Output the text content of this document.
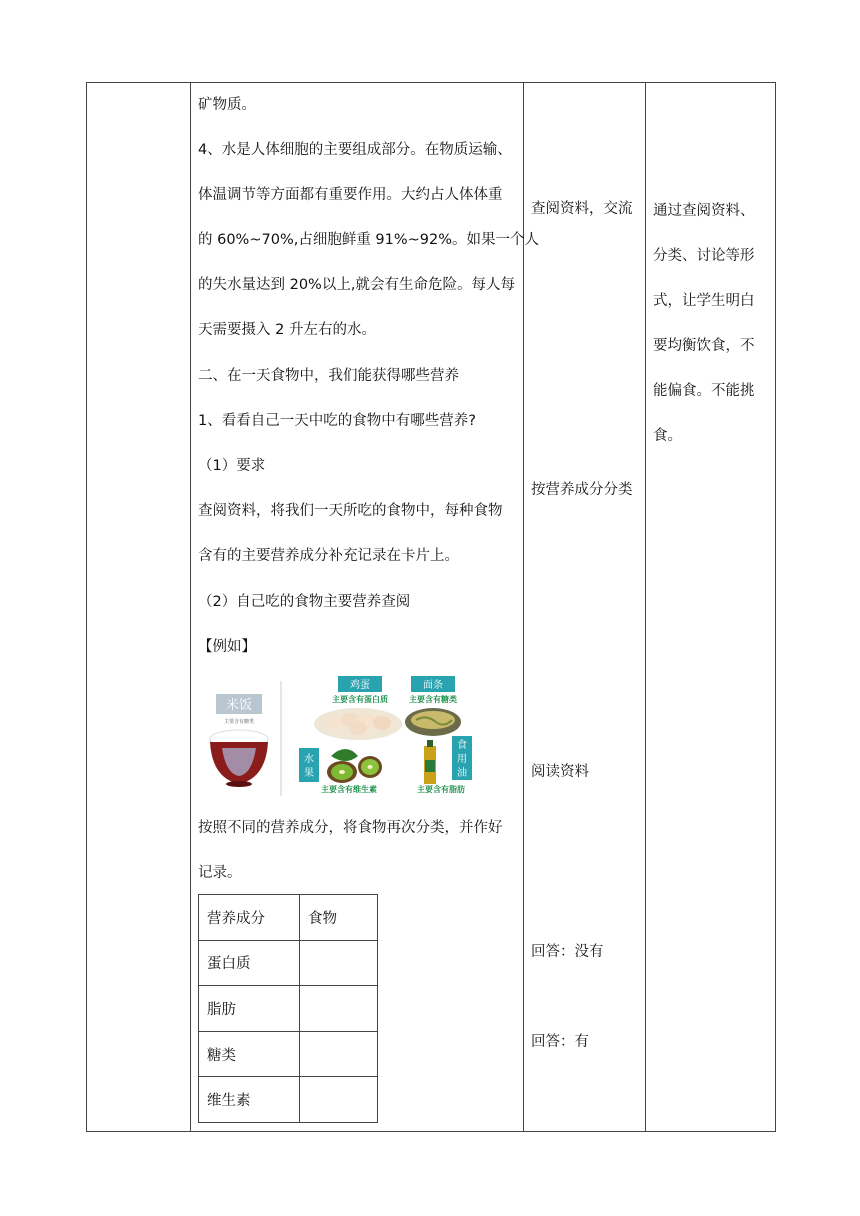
矿物质。
4、水是人体细胞的主要组成部分。在物质运输、
体温调节等方面都有重要作用。大约占人体体重
的 60%~70%,占细胞鲜重 91%~92%。如果一个人
的失水量达到 20%以上,就会有生命危险。每人每
天需要摄入 2 升左右的水。
二、在一天食物中，我们能获得哪些营养
1、看看自己一天中吃的食物中有哪些营养?
（1）要求
查阅资料，将我们一天所吃的食物中，每种食物
含有的主要营养成分补充记录在卡片上。
（2）自己吃的食物主要营养查阅
【例如】
按照不同的营养成分，将食物再次分类，并作好
记录。
查阅资料，交流
按营养成分分类
阅读资料
回答：没有
回答：有
通过查阅资料、
分类、讨论等形
式，让学生明白
要均衡饮食，不
能偏食。不能挑
食。
米饭
主要含有糖类
鸡蛋
主要含有蛋白质
面条
主要含有糖类
水
果
主要含有维生素
食
用
油
主要含有脂肪
营养成分	食物
蛋白质	
脂肪	
糖类	
维生素	
